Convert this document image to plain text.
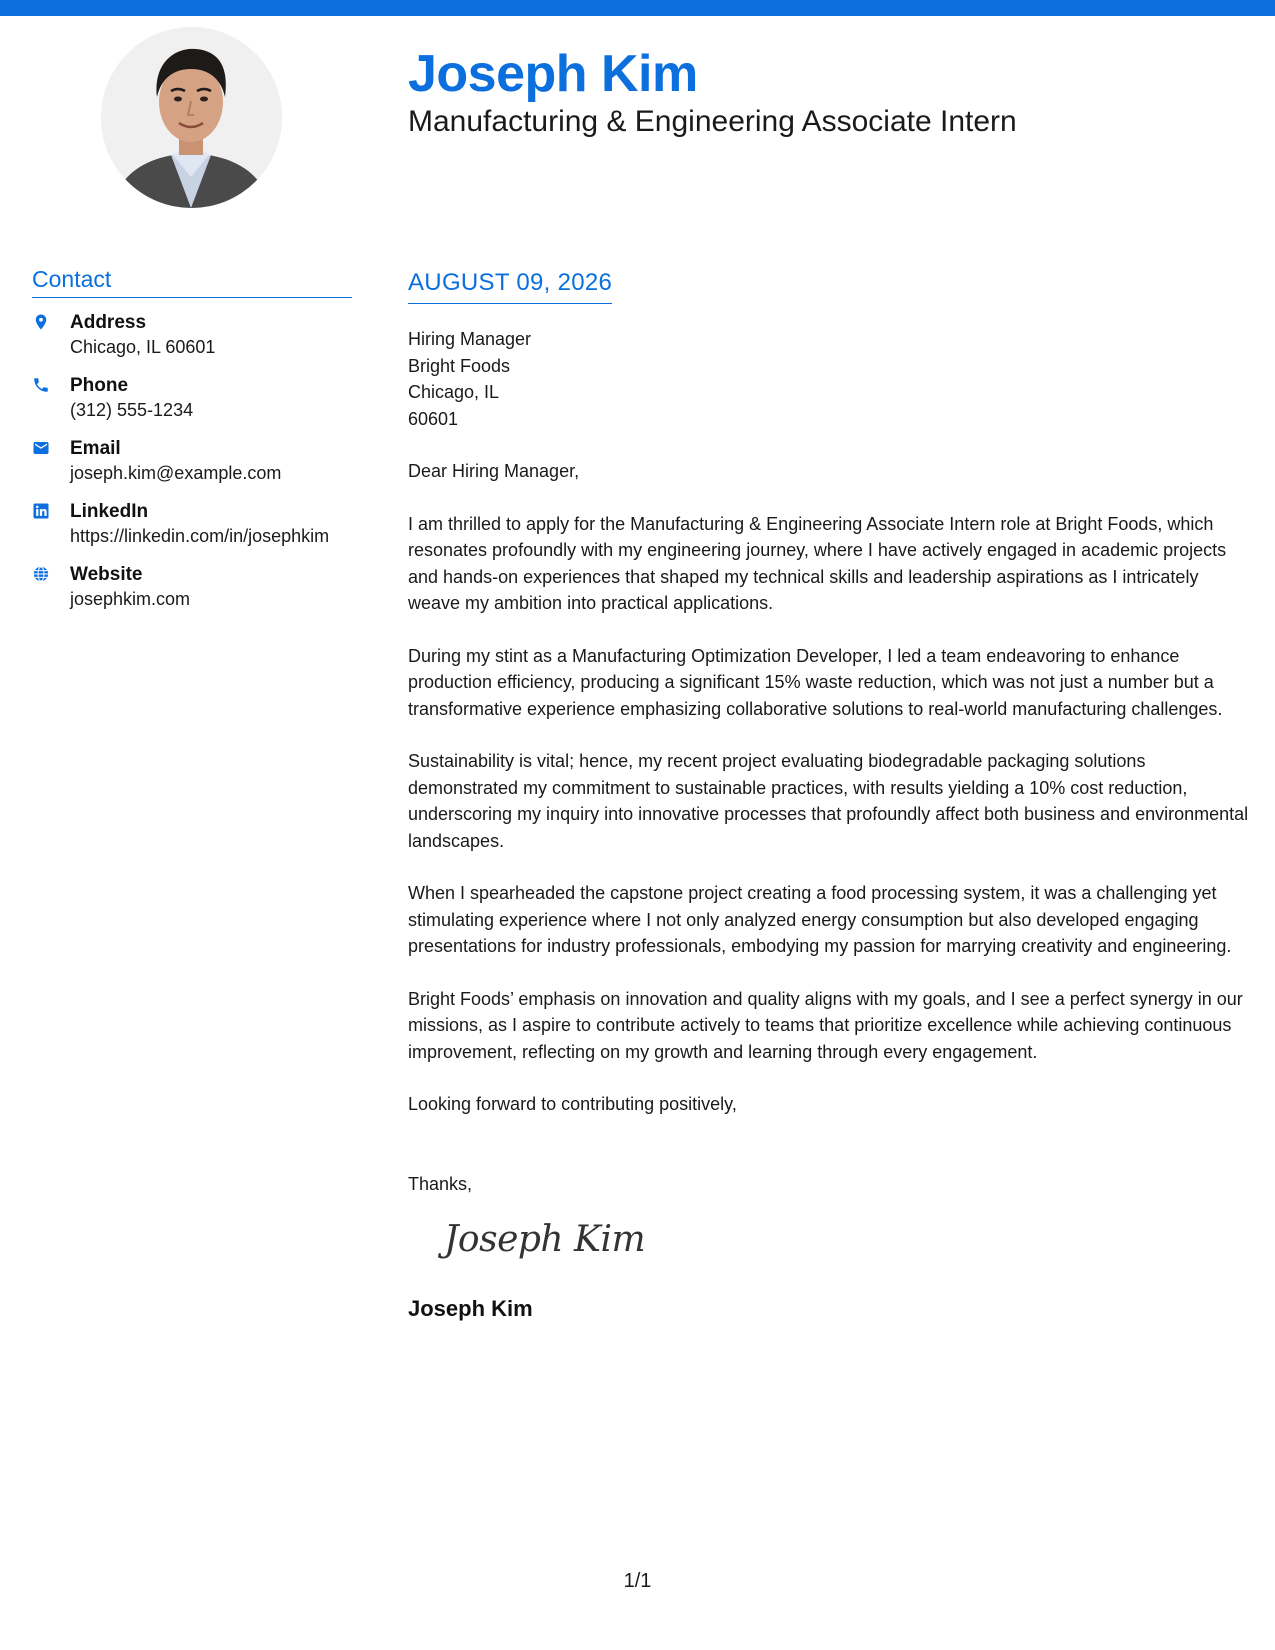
Joseph Kim
Manufacturing & Engineering Associate Intern
Contact
Address
Chicago, IL 60601
Phone
(312) 555-1234
Email
joseph.kim@example.com
LinkedIn
https://linkedin.com/in/josephkim
Website
josephkim.com
AUGUST 09, 2026
Hiring Manager
Bright Foods
Chicago, IL
60601
Dear Hiring Manager,
I am thrilled to apply for the Manufacturing & Engineering Associate Intern role at Bright Foods, which resonates profoundly with my engineering journey, where I have actively engaged in academic projects and hands-on experiences that shaped my technical skills and leadership aspirations as I intricately weave my ambition into practical applications.
During my stint as a Manufacturing Optimization Developer, I led a team endeavoring to enhance production efficiency, producing a significant 15% waste reduction, which was not just a number but a transformative experience emphasizing collaborative solutions to real-world manufacturing challenges.
Sustainability is vital; hence, my recent project evaluating biodegradable packaging solutions demonstrated my commitment to sustainable practices, with results yielding a 10% cost reduction, underscoring my inquiry into innovative processes that profoundly affect both business and environmental landscapes.
When I spearheaded the capstone project creating a food processing system, it was a challenging yet stimulating experience where I not only analyzed energy consumption but also developed engaging presentations for industry professionals, embodying my passion for marrying creativity and engineering.
Bright Foods’ emphasis on innovation and quality aligns with my goals, and I see a perfect synergy in our missions, as I aspire to contribute actively to teams that prioritize excellence while achieving continuous improvement, reflecting on my growth and learning through every engagement.
Looking forward to contributing positively,
Thanks,
Joseph Kim
Joseph Kim
1/1
